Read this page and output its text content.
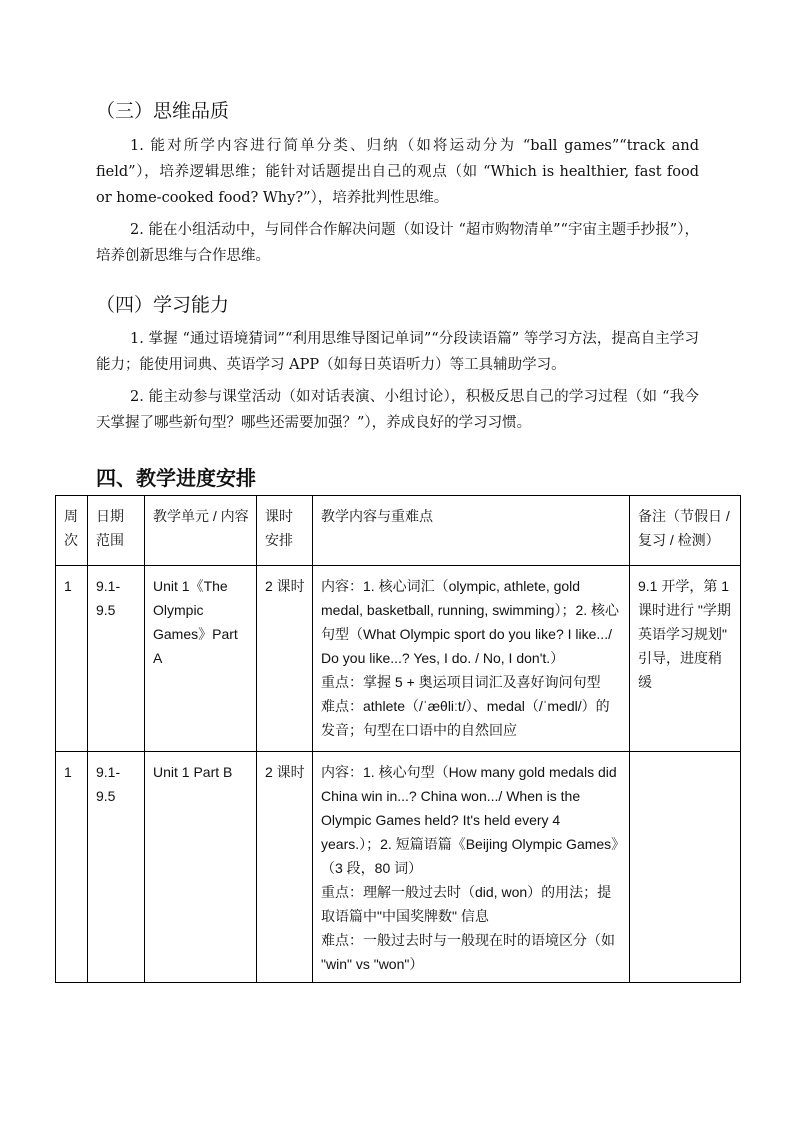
（三）思维品质

1. 能对所学内容进行简单分类、归纳（如将运动分为 “ball games”“track and field”），培养逻辑思维；能针对话题提出自己的观点（如 “Which is healthier, fast food or home-cooked food? Why?”），培养批判性思维。

2. 能在小组活动中，与同伴合作解决问题（如设计 “超市购物清单”“宇宙主题手抄报”），培养创新思维与合作思维。

（四）学习能力

1. 掌握 “通过语境猜词”“利用思维导图记单词”“分段读语篇” 等学习方法，提高自主学习能力；能使用词典、英语学习 APP（如每日英语听力）等工具辅助学习。

2. 能主动参与课堂活动（如对话表演、小组讨论），积极反思自己的学习过程（如 “我今天掌握了哪些新句型？哪些还需要加强？”），养成良好的学习习惯。

四、教学进度安排
周次	日期范围	教学单元 / 内容	课时安排	教学内容与重难点	备注（节假日 / 复习 / 检测）
1	9.1-9.5	Unit 1《The Olympic Games》Part A	2 课时	内容：1. 核心词汇（olympic, athlete, gold medal, basketball, running, swimming）；2. 核心句型（What Olympic sport do you like? I like.../ Do you like...? Yes, I do. / No, I don't.）
重点：掌握 5 + 奥运项目词汇及喜好询问句型
难点：athlete（/ˈæθliːt/）、medal（/ˈmedl/）的发音；句型在口语中的自然回应	9.1 开学，第 1 课时进行 "学期英语学习规划" 引导，进度稍缓
1	9.1-9.5	Unit 1 Part B	2 课时	内容：1. 核心句型（How many gold medals did China win in...? China won.../ When is the Olympic Games held? It's held every 4 years.）；2. 短篇语篇《Beijing Olympic Games》（3 段，80 词）
重点：理解一般过去时（did, won）的用法；提取语篇中"中国奖牌数" 信息
难点：一般过去时与一般现在时的语境区分（如 "win" vs "won"）	
